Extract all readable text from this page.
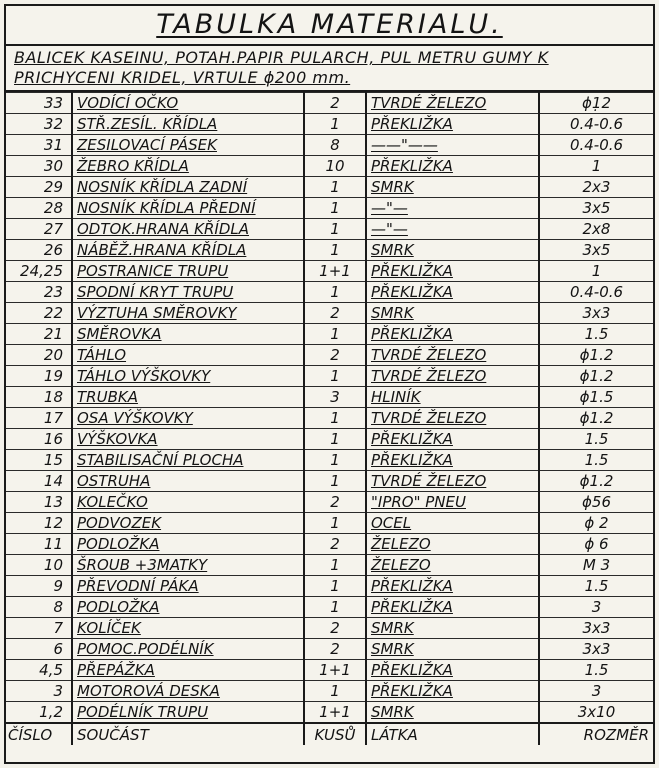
TABULKA MATERIALU.
BALICEK KASEINU, POTAH.PAPIR PULARCH, PUL METRU GUMY K
PRICHYCENI KRIDEL, VRTULE ϕ200 mm.
33	VODÍCÍ OČKO	2	TVRDÉ ŽELEZO	ϕ1̣2
32	STŘ.ZESÍL. KŘÍDLA	1	PŘEKLIŽKA	0.4-0.6
31	ZESILOVACÍ PÁSEK	8	——"——	0.4-0.6
30	ŽEBRO KŘÍDLA	10	PŘEKLIŽKA	1
29	NOSNÍK KŘÍDLA ZADNÍ	1	SMRK	2x3
28	NOSNÍK KŘÍDLA PŘEDNÍ	1	—"—	3x5
27	ODTOK.HRANA KŘÍDLA	1	—"—	2x8
26	NÁBĚŽ.HRANA KŘÍDLA	1	SMRK	3x5
24,25	POSTRANICE TRUPU	1+1	PŘEKLIŽKA	1
23	SPODNÍ KRYT TRUPU	1	PŘEKLIŽKA	0.4-0.6
22	VÝZTUHA SMĚROVKY	2	SMRK	3x3
21	SMĚROVKA	1	PŘEKLIŽKA	1.5
20	TÁHLO	2	TVRDÉ ŽELEZO	ϕ1.2
19	TÁHLO VÝŠKOVKY	1	TVRDÉ ŽELEZO	ϕ1.2
18	TRUBKA	3	HLINÍK	ϕ1.5
17	OSA VÝŠKOVKY	1	TVRDÉ ŽELEZO	ϕ1.2
16	VÝŠKOVKA	1	PŘEKLIŽKA	1.5
15	STABILISAČNÍ PLOCHA	1	PŘEKLIŽKA	1.5
14	OSTRUHA	1	TVRDÉ ŽELEZO	ϕ1.2
13	KOLEČKO	2	"IPRO" PNEU	ϕ56
12	PODVOZEK	1	OCEL	ϕ 2
11	PODLOŽKA	2	ŽELEZO	ϕ 6
10	ŠROUB +3MATKY	1	ŽELEZO	M 3
9	PŘEVODNÍ PÁKA	1	PŘEKLIŽKA	1.5
8	PODLOŽKA	1	PŘEKLIŽKA	3
7	KOLÍČEK	2	SMRK	3x3
6	POMOC.PODÉLNÍK	2	SMRK	3x3
4,5	PŘEPÁŽKA	1+1	PŘEKLIŽKA	1.5
3	MOTOROVÁ DESKA	1	PŘEKLIŽKA	3
1,2	PODÉLNÍK TRUPU	1+1	SMRK	3x10
ČÍSLO	SOUČÁST	KUSŮ	LÁTKA	ROZMĚR
